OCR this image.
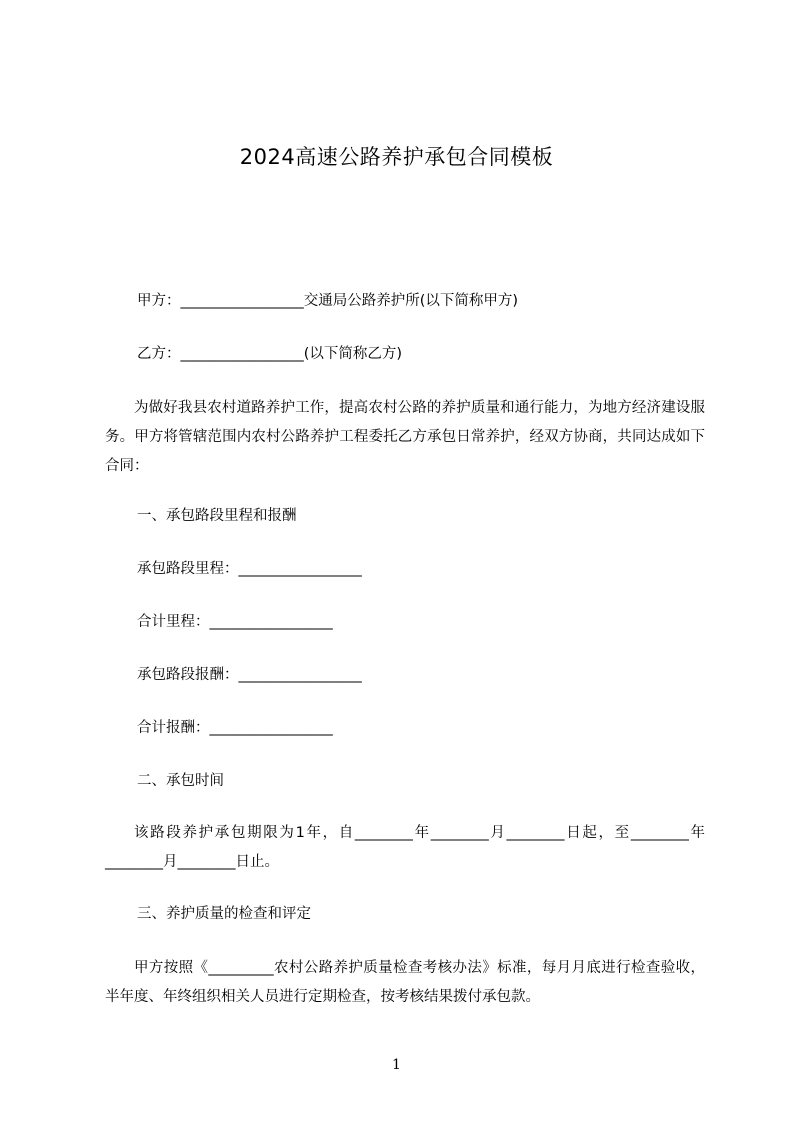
2024高速公路养护承包合同模板
甲方：_________________交通局公路养护所(以下简称甲方)
乙方：_________________(以下简称乙方)
为做好我县农村道路养护工作，提高农村公路的养护质量和通行能力，为地方经济建设服务。甲方将管辖范围内农村公路养护工程委托乙方承包日常养护，经双方协商，共同达成如下合同：
一、承包路段里程和报酬
承包路段里程：_________________
合计里程：_________________
承包路段报酬：_________________
合计报酬：_________________
二、承包时间
该路段养护承包期限为1年，自________年________月________日起，至________年________月________日止。
三、养护质量的检查和评定
甲方按照《_________农村公路养护质量检查考核办法》标准，每月月底进行检查验收，半年度、年终组织相关人员进行定期检查，按考核结果拨付承包款。
1
